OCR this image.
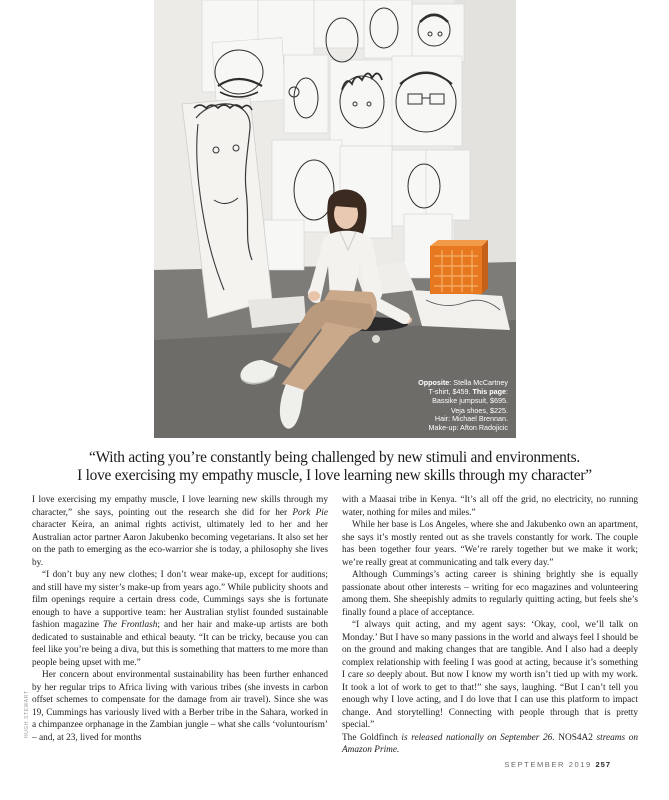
Opposite: Stella McCartney
T-shirt, $459. This page:
Bassike jumpsuit, $695.
Veja shoes, $225.
Hair: Michael Brennan.
Make-up: Afton Radojicic
HUGH STEWART
“With acting you’re constantly being challenged by new stimuli and environments.
I love exercising my empathy muscle, I love learning new skills through my character”

I love exercising my empathy muscle, I love learning new skills through my character,” she says, pointing out the research she did for her Pork Pie character Keira, an animal rights activist, ultimately led to her and her Australian actor partner Aaron Jakubenko becoming vegetarians. It also set her on the path to emerging as the eco-warrior she is today, a philosophy she lives by.

“I don’t buy any new clothes; I don’t wear make-up, except for auditions; and still have my sister’s make-up from years ago.” While publicity shoots and film openings require a certain dress code, Cummings says she is fortunate enough to have a supportive team: her Australian stylist founded sustainable fashion magazine The Frontlash; and her hair and make-up artists are both dedicated to sustainable and ethical beauty. “It can be tricky, because you can feel like you’re being a diva, but this is something that matters to me more than people being upset with me.”

Her concern about environmental sustainability has been further enhanced by her regular trips to Africa living with various tribes (she invests in carbon offset schemes to compensate for the damage from air travel). Since she was 19, Cummings has variously lived with a Berber tribe in the Sahara, worked in a chimpanzee orphanage in the Zambian jungle – what she calls ‘voluntourism’ – and, at 23, lived for months

with a Maasai tribe in Kenya. “It’s all off the grid, no electricity, no running water, nothing for miles and miles.”

While her base is Los Angeles, where she and Jakubenko own an apartment, she says it’s mostly rented out as she travels constantly for work. The couple has been together four years. “We’re rarely together but we make it work; we’re really great at communicating and talk every day.”

Although Cummings’s acting career is shining brightly she is equally passionate about other interests – writing for eco magazines and volunteering among them. She sheepishly admits to regularly quitting acting, but feels she’s finally found a place of acceptance.

“I always quit acting, and my agent says: ‘Okay, cool, we’ll talk on Monday.’ But I have so many passions in the world and always feel I should be on the ground and making changes that are tangible. And I also had a deeply complex relationship with feeling I was good at acting, because it’s something I care so deeply about. But now I know my worth isn’t tied up with my work. It took a lot of work to get to that!” she says, laughing. “But I can’t tell you enough why I love acting, and I do love that I can use this platform to impact change. And storytelling! Connecting with people through that is pretty special.”

The Goldfinch is released nationally on September 26. NOS4A2 streams on Amazon Prime.

SEPTEMBER 2019 257
